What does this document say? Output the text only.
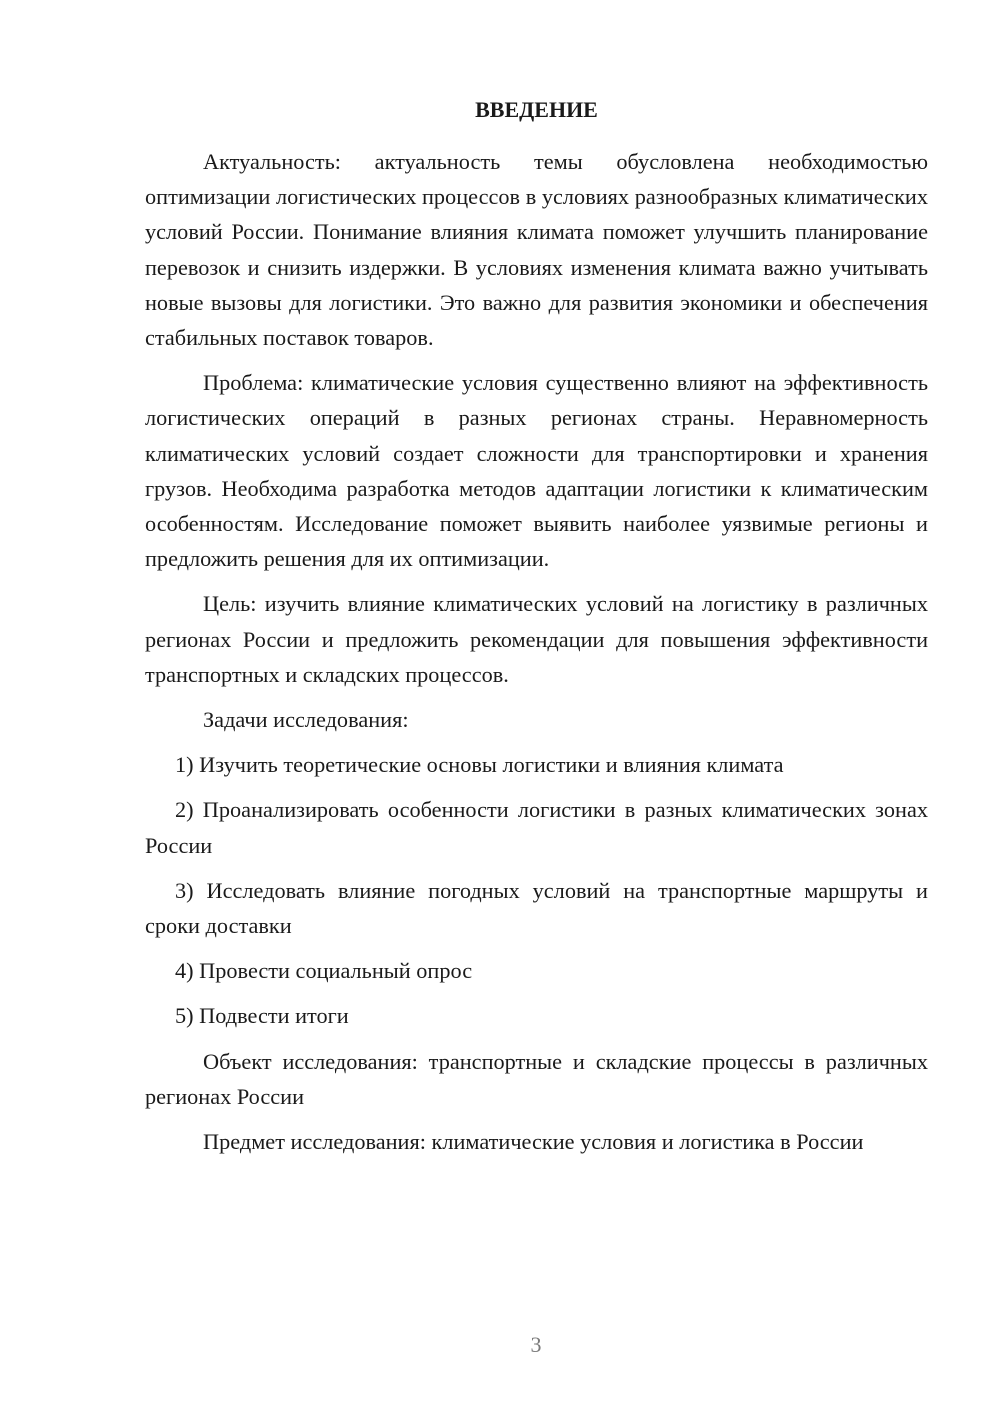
ВВЕДЕНИЕ

Актуальность: актуальность темы обусловлена необходимостью оптимизации логистических процессов в условиях разнообразных климатических условий России. Понимание влияния климата поможет улучшить планирование перевозок и снизить издержки. В условиях изменения климата важно учитывать новые вызовы для логистики. Это важно для развития экономики и обеспечения стабильных поставок товаров.

Проблема: климатические условия существенно влияют на эффективность логистических операций в разных регионах страны. Неравномерность климатических условий создает сложности для транспортировки и хранения грузов. Необходима разработка методов адаптации логистики к климатическим особенностям. Исследование поможет выявить наиболее уязвимые регионы и предложить решения для их оптимизации.

Цель: изучить влияние климатических условий на логистику в различных регионах России и предложить рекомендации для повышения эффективности транспортных и складских процессов.

Задачи исследования:

1) Изучить теоретические основы логистики и влияния климата

2) Проанализировать особенности логистики в разных климатических зонах России

3) Исследовать влияние погодных условий на транспортные маршруты и сроки доставки

4) Провести социальный опрос

5) Подвести итоги

Объект исследования: транспортные и складские процессы в различных регионах России

Предмет исследования: климатические условия и логистика в России

3
